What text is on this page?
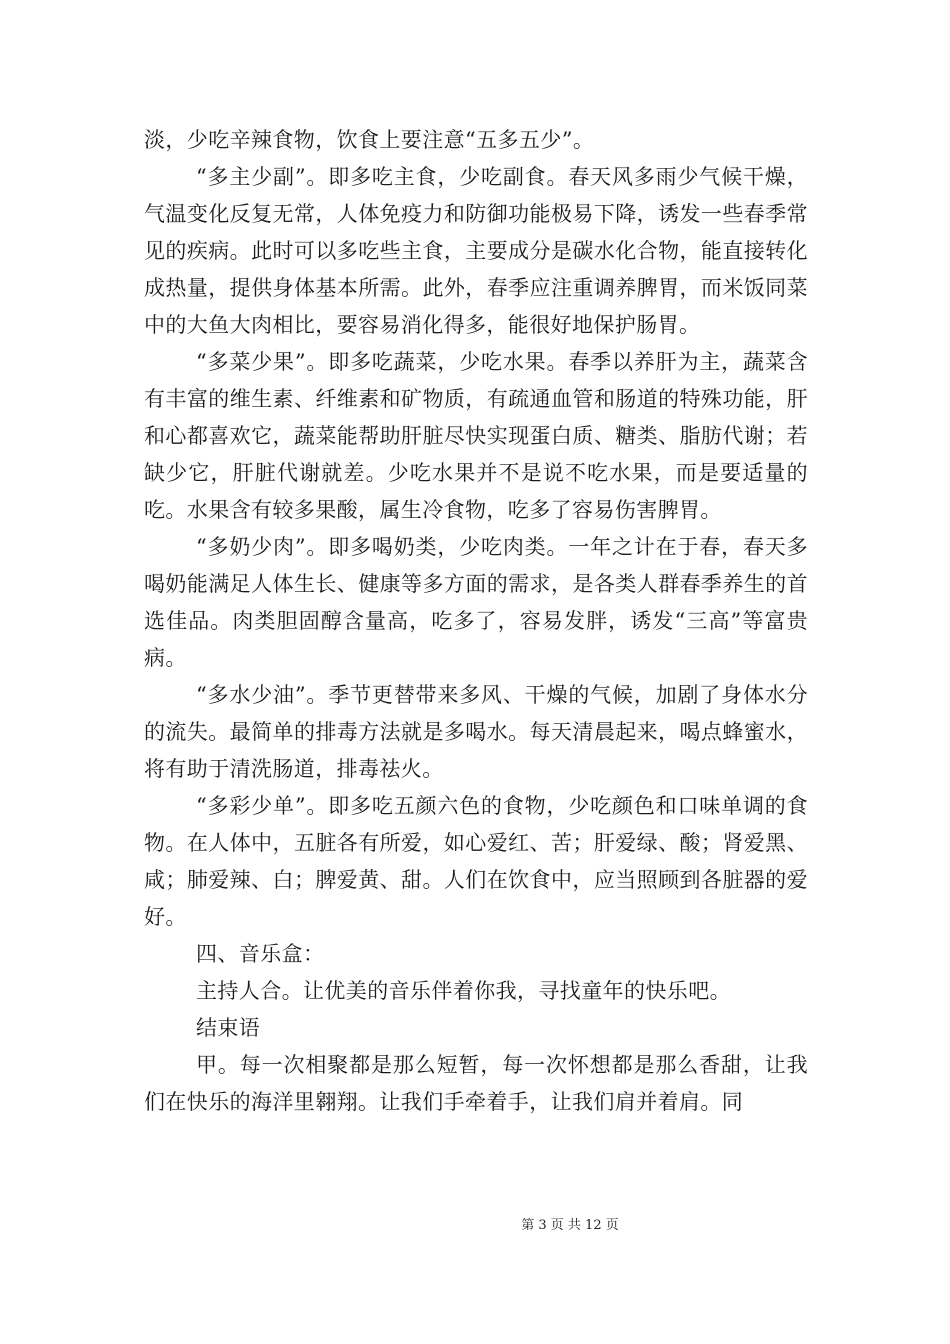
淡，少吃辛辣食物，饮食上要注意“五多五少”。

“多主少副”。即多吃主食，少吃副食。春天风多雨少气候干燥，气温变化反复无常，人体免疫力和防御功能极易下降，诱发一些春季常见的疾病。此时可以多吃些主食，主要成分是碳水化合物，能直接转化成热量，提供身体基本所需。此外，春季应注重调养脾胃，而米饭同菜中的大鱼大肉相比，要容易消化得多，能很好地保护肠胃。

“多菜少果”。即多吃蔬菜，少吃水果。春季以养肝为主，蔬菜含有丰富的维生素、纤维素和矿物质，有疏通血管和肠道的特殊功能，肝和心都喜欢它，蔬菜能帮助肝脏尽快实现蛋白质、糖类、脂肪代谢；若缺少它，肝脏代谢就差。少吃水果并不是说不吃水果，而是要适量的吃。水果含有较多果酸，属生冷食物，吃多了容易伤害脾胃。

“多奶少肉”。即多喝奶类，少吃肉类。一年之计在于春，春天多喝奶能满足人体生长、健康等多方面的需求，是各类人群春季养生的首选佳品。肉类胆固醇含量高，吃多了，容易发胖，诱发“三高”等富贵病。

“多水少油”。季节更替带来多风、干燥的气候，加剧了身体水分的流失。最简单的排毒方法就是多喝水。每天清晨起来，喝点蜂蜜水，将有助于清洗肠道，排毒祛火。

“多彩少单”。即多吃五颜六色的食物，少吃颜色和口味单调的食物。在人体中，五脏各有所爱，如心爱红、苦；肝爱绿、酸；肾爱黑、咸；肺爱辣、白；脾爱黄、甜。人们在饮食中，应当照顾到各脏器的爱好。

四、音乐盒：

主持人合。让优美的音乐伴着你我，寻找童年的快乐吧。

结束语

甲。每一次相聚都是那么短暂，每一次怀想都是那么香甜，让我们在快乐的海洋里翱翔。让我们手牵着手，让我们肩并着肩。同

第 3 页 共 12 页
